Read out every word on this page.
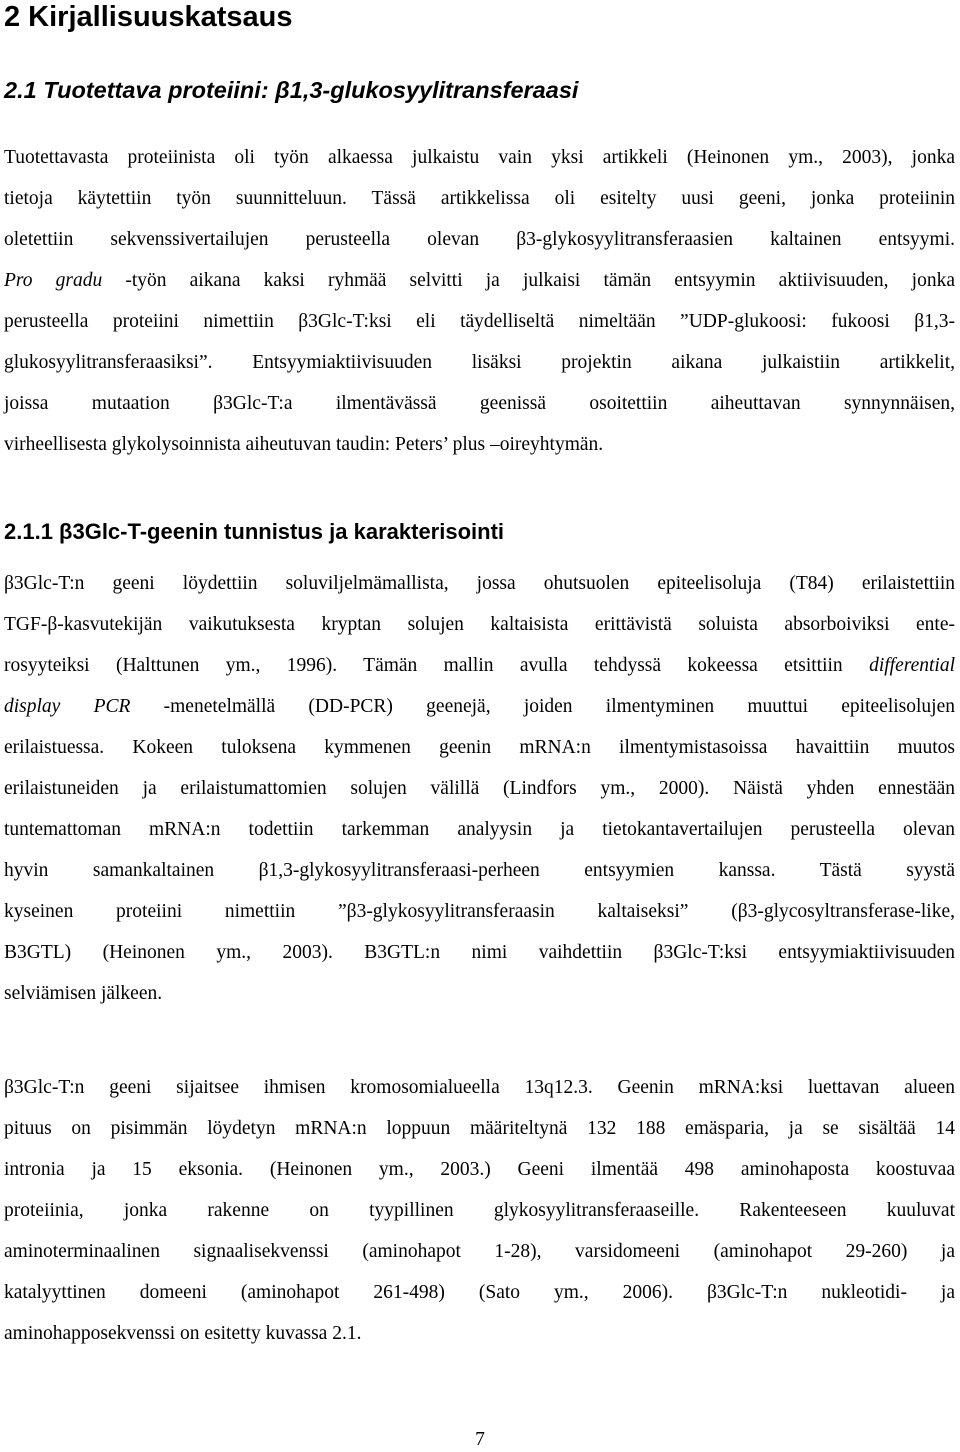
2 Kirjallisuuskatsaus
2.1 Tuotettava proteiini: β1,3-glukosyylitransferaasi
Tuotettavasta proteiinista oli työn alkaessa julkaistu vain yksi artikkeli (Heinonen ym., 2003), jonka
tietoja käytettiin työn suunnitteluun. Tässä artikkelissa oli esitelty uusi geeni, jonka proteiinin
oletettiin sekvenssivertailujen perusteella olevan β3-glykosyylitransferaasien kaltainen entsyymi.
Pro gradu -työn aikana kaksi ryhmää selvitti ja julkaisi tämän entsyymin aktiivisuuden, jonka
perusteella proteiini nimettiin β3Glc-T:ksi eli täydelliseltä nimeltään ”UDP-glukoosi: fukoosi β1,3-
glukosyylitransferaasiksi”. Entsyymiaktiivisuuden lisäksi projektin aikana julkaistiin artikkelit,
joissa mutaation β3Glc-T:a ilmentävässä geenissä osoitettiin aiheuttavan synnynnäisen,
virheellisesta glykolysoinnista aiheutuvan taudin: Peters’ plus –oireyhtymän.
2.1.1 β3Glc-T-geenin tunnistus ja karakterisointi
β3Glc-T:n geeni löydettiin soluviljelmämallista, jossa ohutsuolen epiteelisoluja (T84) erilaistettiin
TGF-β-kasvutekijän vaikutuksesta kryptan solujen kaltaisista erittävistä soluista absorboiviksi ente-
rosyyteiksi (Halttunen ym., 1996). Tämän mallin avulla tehdyssä kokeessa etsittiin differential
display PCR -menetelmällä (DD-PCR) geenejä, joiden ilmentyminen muuttui epiteelisolujen
erilaistuessa. Kokeen tuloksena kymmenen geenin mRNA:n ilmentymistasoissa havaittiin muutos
erilaistuneiden ja erilaistumattomien solujen välillä (Lindfors ym., 2000). Näistä yhden ennestään
tuntemattoman mRNA:n todettiin tarkemman analyysin ja tietokantavertailujen perusteella olevan
hyvin samankaltainen β1,3-glykosyylitransferaasi-perheen entsyymien kanssa. Tästä syystä
kyseinen proteiini nimettiin ”β3-glykosyylitransferaasin kaltaiseksi” (β3-glycosyltransferase-like,
B3GTL) (Heinonen ym., 2003). B3GTL:n nimi vaihdettiin β3Glc-T:ksi entsyymiaktiivisuuden
selviämisen jälkeen.
β3Glc-T:n geeni sijaitsee ihmisen kromosomialueella 13q12.3. Geenin mRNA:ksi luettavan alueen
pituus on pisimmän löydetyn mRNA:n loppuun määriteltynä 132 188 emäsparia, ja se sisältää 14
intronia ja 15 eksonia. (Heinonen ym., 2003.) Geeni ilmentää 498 aminohaposta koostuvaa
proteiinia, jonka rakenne on tyypillinen glykosyylitransferaaseille. Rakenteeseen kuuluvat
aminoterminaalinen signaalisekvenssi (aminohapot 1-28), varsidomeeni (aminohapot 29-260) ja
katalyyttinen domeeni (aminohapot 261-498) (Sato ym., 2006). β3Glc-T:n nukleotidi- ja
aminohapposekvenssi on esitetty kuvassa 2.1.
7
